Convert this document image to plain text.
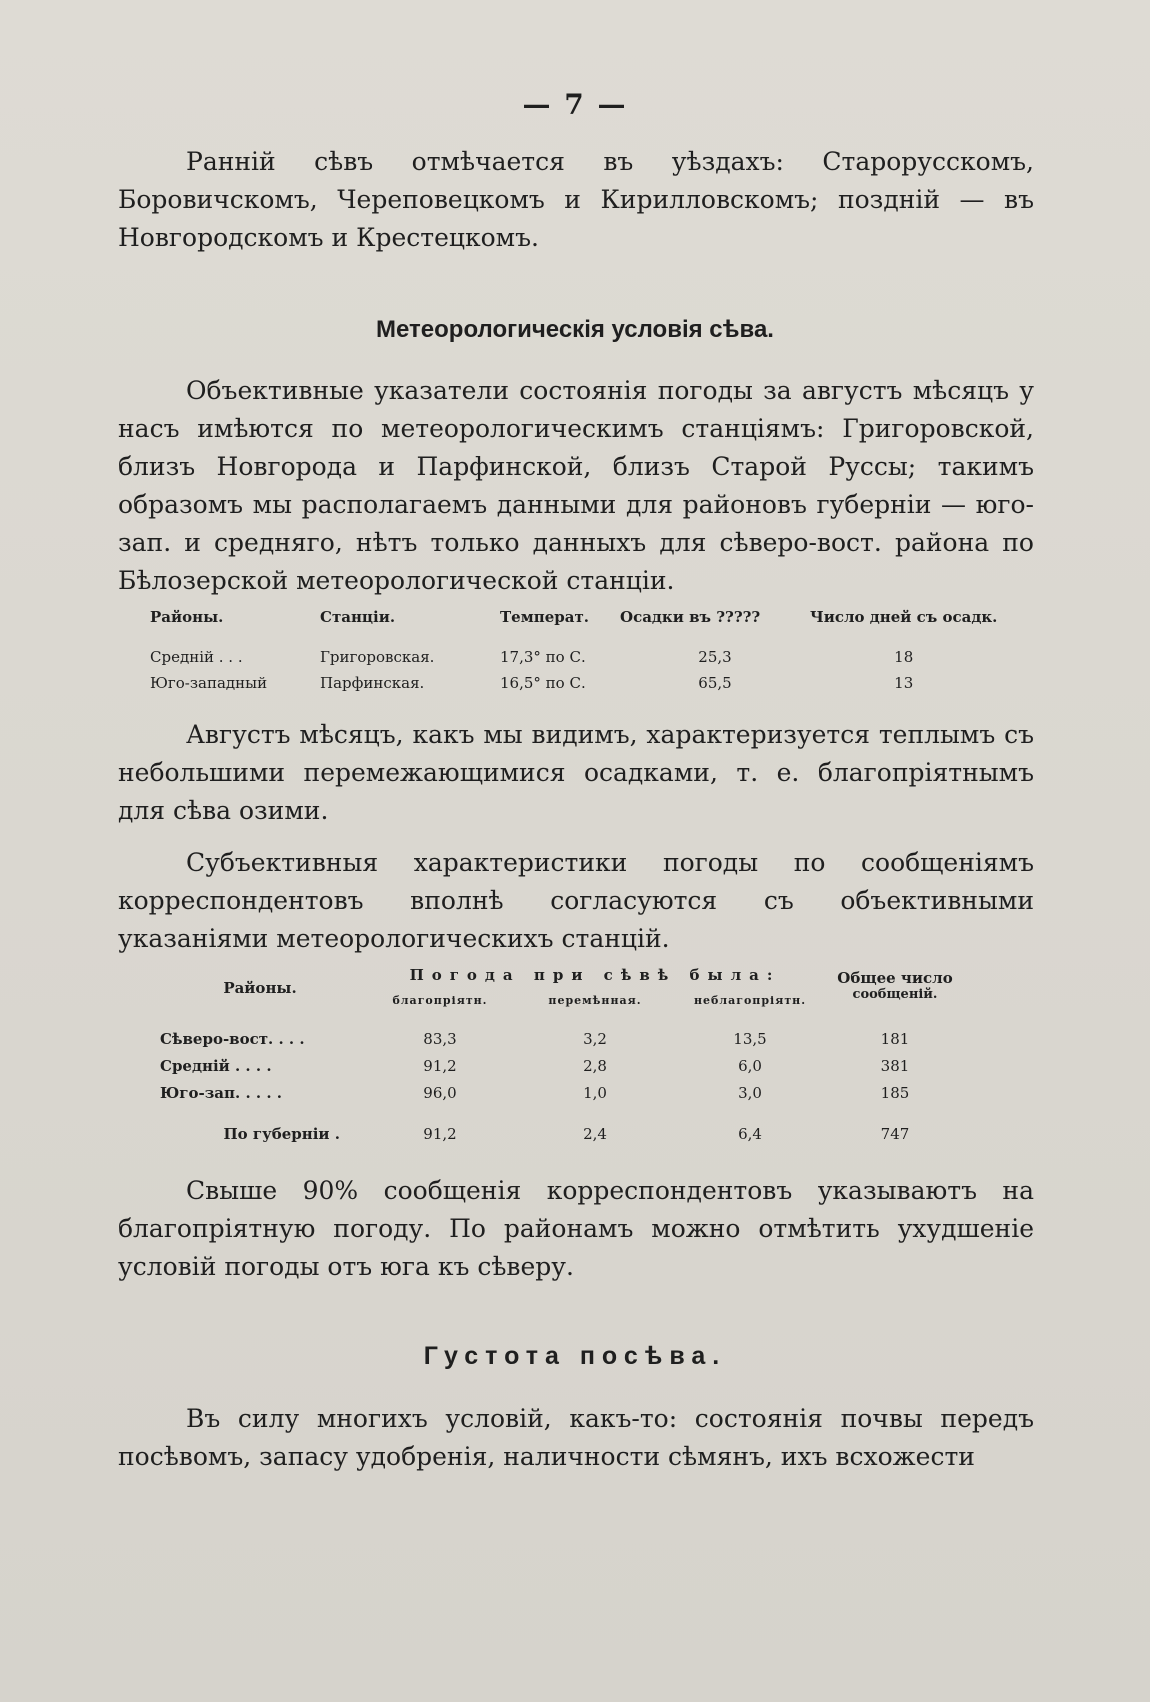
— 7 —

Ранній сѣвъ отмѣчается въ уѣздахъ: Старорусскомъ, Боровичскомъ, Череповецкомъ и Кирилловскомъ; поздній — въ Новгородскомъ и Крестецкомъ.

Метеорологическія условія сѣва.

Объективные указатели состоянія погоды за августъ мѣсяцъ у насъ имѣются по метеорологическимъ станціямъ: Григоровской, близъ Новгорода и Парфинской, близъ Старой Руссы; такимъ образомъ мы располагаемъ данными для районовъ губерніи — юго-зап. и средняго, нѣтъ только данныхъ для сѣверо-вост. района по Бѣлозерской метеорологической станціи.

Районы.	Станціи.	Температ.	Осадки въ ?????	Число дней съ осадк.
Средній . . .	Григоровская.	17,3° по С.	25,3	18
Юго-западный	Парфинская.	16,5° по С.	65,5	13

Августъ мѣсяцъ, какъ мы видимъ, характеризуется теплымъ съ небольшими перемежающимися осадками, т. е. благопріятнымъ для сѣва озими.

Субъективныя характеристики погоды по сообщеніямъ корреспондентовъ вполнѣ согласуются съ объективными указаніями метеорологическихъ станцій.

Районы.	Погода при сѣвѣ была:			Общее число
	благопріятн.	перемѣнная.	неблагопріятн.	сообщеній.

Сѣверо-вост. . . .	83,3	3,2	13,5	181
Средній . . . .	91,2	2,8	6,0	381
Юго-зап. . . . .	96,0	1,0	3,0	185

По губерніи .	91,2	2,4	6,4	747

Свыше 90% сообщенія корреспондентовъ указываютъ на благопріятную погоду. По районамъ можно отмѣтить ухудшеніе условій погоды отъ юга къ сѣверу.

Густота посѣва.

Въ силу многихъ условій, какъ-то: состоянія почвы передъ посѣвомъ, запасу удобренія, наличности сѣмянъ, ихъ всхожести
